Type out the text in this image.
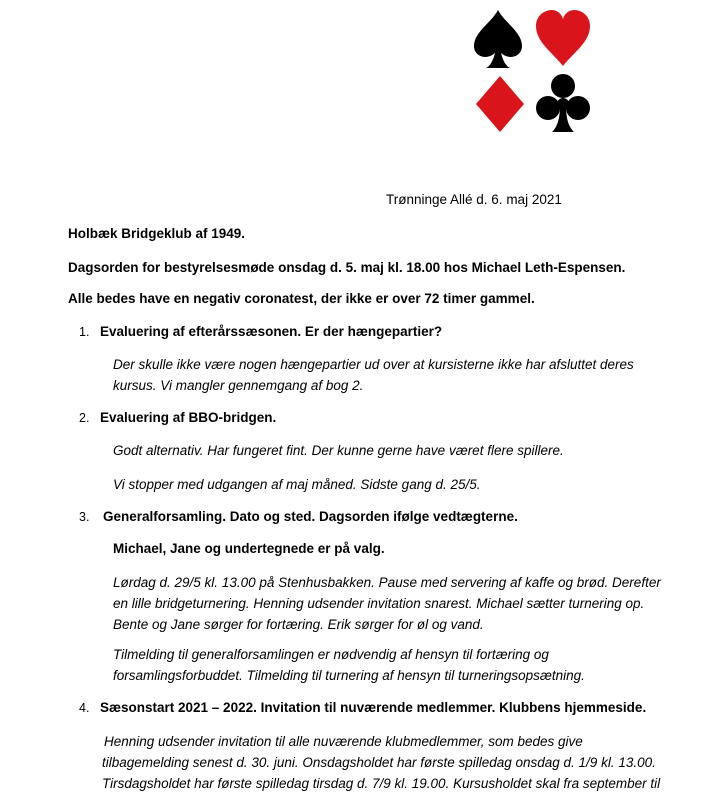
Trønninge Allé d. 6. maj 2021
Holbæk Bridgeklub af 1949.
Dagsorden for bestyrelsesmøde onsdag d. 5. maj kl. 18.00 hos Michael Leth-Espensen.
Alle bedes have en negativ coronatest, der ikke er over 72 timer gammel.
1. Evaluering af efterårssæsonen. Er der hængepartier?
Der skulle ikke være nogen hængepartier ud over at kursisterne ikke har afsluttet deres
kursus. Vi mangler gennemgang af bog 2.
2. Evaluering af BBO-bridgen.
Godt alternativ. Har fungeret fint. Der kunne gerne have været flere spillere.
Vi stopper med udgangen af maj måned. Sidste gang d. 25/5.
3. Generalforsamling. Dato og sted. Dagsorden ifølge vedtægterne.
Michael, Jane og undertegnede er på valg.
Lørdag d. 29/5 kl. 13.00 på Stenhusbakken. Pause med servering af kaffe og brød. Derefter
en lille bridgeturnering. Henning udsender invitation snarest. Michael sætter turnering op.
Bente og Jane sørger for fortæring. Erik sørger for øl og vand.
Tilmelding til generalforsamlingen er nødvendig af hensyn til fortæring og
forsamlingsforbuddet. Tilmelding til turnering af hensyn til turneringsopsætning.
4. Sæsonstart 2021 – 2022. Invitation til nuværende medlemmer. Klubbens hjemmeside.
Henning udsender invitation til alle nuværende klubmedlemmer, som bedes give
tilbagemelding senest d. 30. juni. Onsdagsholdet har første spilledag onsdag d. 1/9 kl. 13.00.
Tirsdagsholdet har første spilledag tirsdag d. 7/9 kl. 19.00. Kursusholdet skal fra september til
